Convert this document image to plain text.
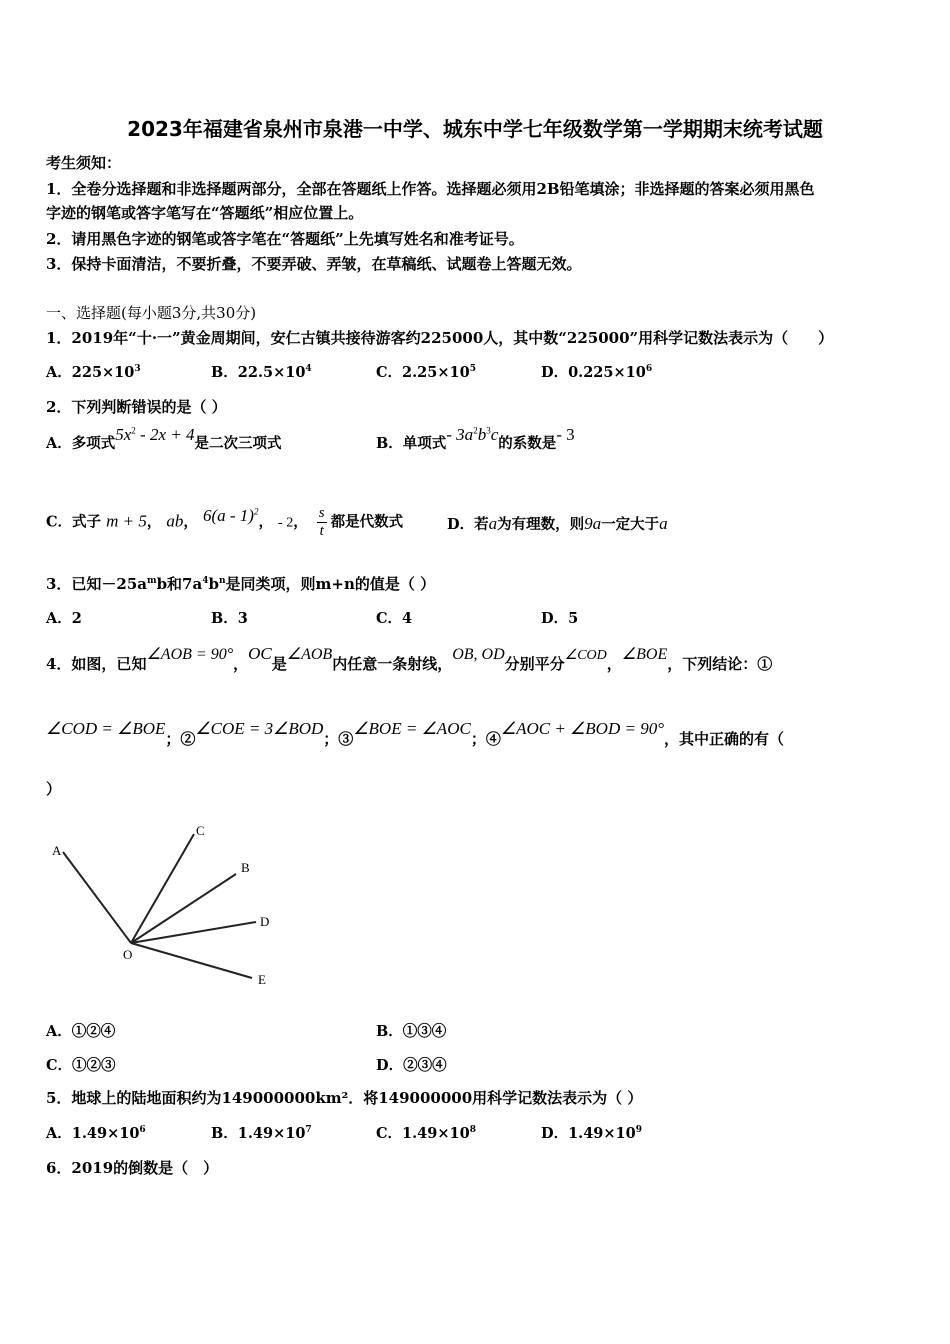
2023年福建省泉州市泉港一中学、城东中学七年级数学第一学期期末统考试题
考生须知：
1．全卷分选择题和非选择题两部分，全部在答题纸上作答。选择题必须用2B铅笔填涂；非选择题的答案必须用黑色
字迹的钢笔或答字笔写在“答题纸”相应位置上。
2．请用黑色字迹的钢笔或答字笔在“答题纸”上先填写姓名和准考证号。
3．保持卡面清洁，不要折叠，不要弄破、弄皱，在草稿纸、试题卷上答题无效。
一、选择题(每小题3分,共30分)
1．2019年“十·一”黄金周期间，安仁古镇共接待游客约225000人，其中数“225000”用科学记数法表示为（　　）
A．$225\times 10^3$	B．$22.5\times 10^4$	C．$2.25\times 10^5$	D．$0.225\times 10^6$
2．下列判断错误的是（ ）
A．多项式$5x^2 - 2x + 4$是二次三项式	B．单项式- $3a^2b^3c$的系数是- 3
C．式子 m + 5， ab， 6(a - 1)$^2$， - 2， $\frac{s}{t}$ 都是代数式	D．若a为有理数，则9a一定大于a
3．已知$-25a^mb$和$7a^4b^n$是同类项，则m+n的值是（ ）
A．2	B．3	C．4	D．5
4．如图，已知∠AOB = 90°，OC是∠AOB内任意一条射线，OB, OD分别平分∠COD，∠BOE，下列结论：①
∠COD = ∠BOE；②∠COE = 3∠BOD；③∠BOE = ∠AOC；④∠AOC + ∠BOD = 90°，其中正确的有（
）
A
C
B
D
E
O
A．①②④	B．①③④
C．①②③	D．②③④
5．地球上的陆地面积约为149000000km²．将149000000用科学记数法表示为（ ）
A．$1.49\times 10^6$	B．$1.49\times 10^7$	C．$1.49\times 10^8$	D．$1.49\times 10^9$
6．2019的倒数是（　）
